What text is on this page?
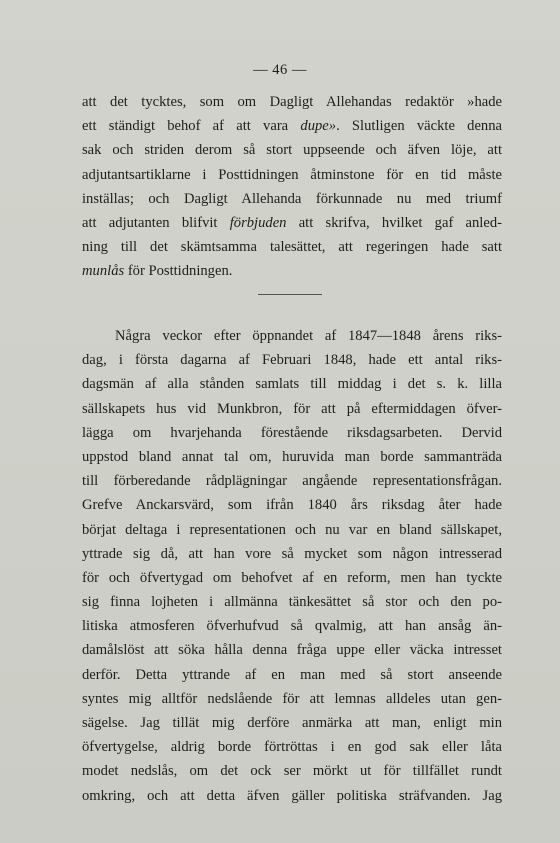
— 46 —
att det tycktes, som om Dagligt Allehandas redaktör »hade
ett ständigt behof af att vara dupe». Slutligen väckte denna
sak och striden derom så stort uppseende och äfven löje, att
adjutantsartiklarne i Posttidningen åtminstone för en tid måste
inställas; och Dagligt Allehanda förkunnade nu med triumf
att adjutanten blifvit förbjuden att skrifva, hvilket gaf anled-
ning till det skämtsamma talesättet, att regeringen hade satt
munlås för Posttidningen.
Några veckor efter öppnandet af 1847—1848 årens riks-
dag, i första dagarna af Februari 1848, hade ett antal riks-
dagsmän af alla stånden samlats till middag i det s. k. lilla
sällskapets hus vid Munkbron, för att på eftermiddagen öfver-
lägga om hvarjehanda förestående riksdagsarbeten. Dervid
uppstod bland annat tal om, huruvida man borde sammanträda
till förberedande rådplägningar angående representationsfrågan.
Grefve Anckarsvärd, som ifrån 1840 års riksdag åter hade
börjat deltaga i representationen och nu var en bland sällskapet,
yttrade sig då, att han vore så mycket som någon intresserad
för och öfvertygad om behofvet af en reform, men han tyckte
sig finna lojheten i allmänna tänkesättet så stor och den po-
litiska atmosferen öfverhufvud så qvalmig, att han ansåg än-
damålslöst att söka hålla denna fråga uppe eller väcka intresset
derför. Detta yttrande af en man med så stort anseende
syntes mig alltför nedslående för att lemnas alldeles utan gen-
sägelse. Jag tillät mig derföre anmärka att man, enligt min
öfvertygelse, aldrig borde förtröttas i en god sak eller låta
modet nedslås, om det ock ser mörkt ut för tillfället rundt
omkring, och att detta äfven gäller politiska sträfvanden. Jag
